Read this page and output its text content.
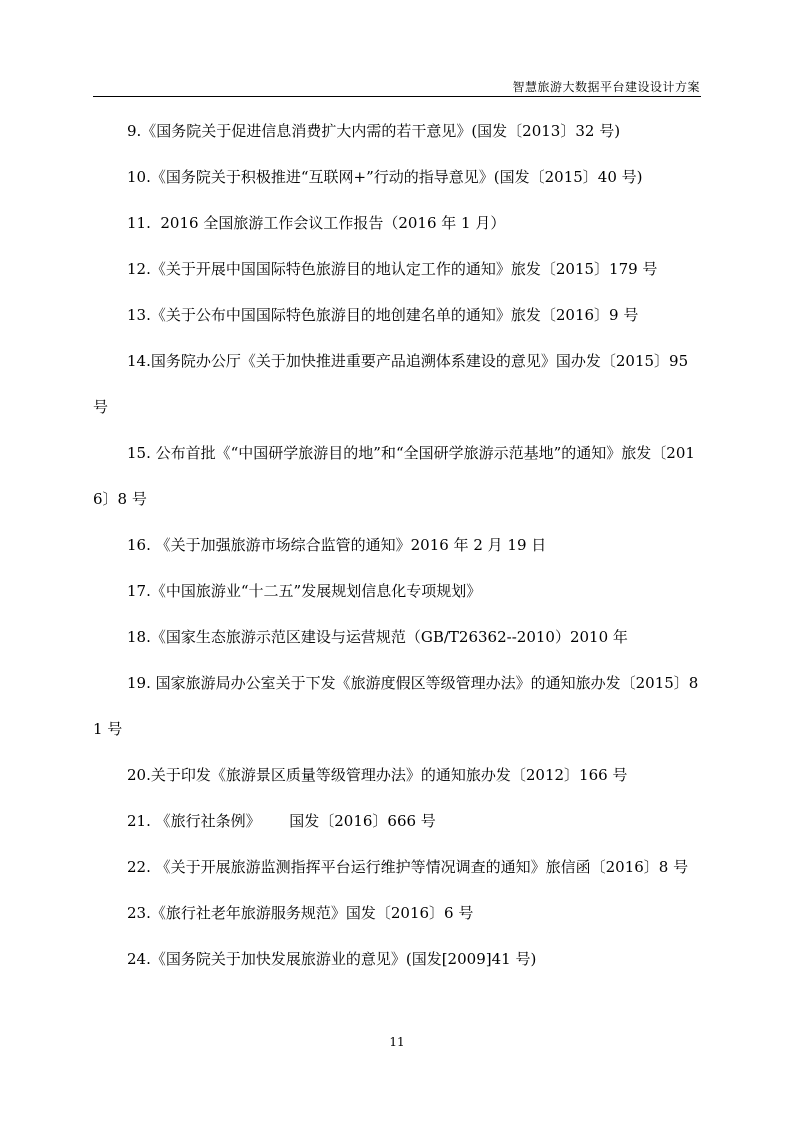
智慧旅游大数据平台建设设计方案
9.《国务院关于促进信息消费扩大内需的若干意见》(国发〔2013〕32 号)
10.《国务院关于积极推进“互联网+”行动的指导意见》(国发〔2015〕40 号)
11.  2016 全国旅游工作会议工作报告（2016 年 1 月）
12.《关于开展中国国际特色旅游目的地认定工作的通知》旅发〔2015〕179 号
13.《关于公布中国国际特色旅游目的地创建名单的通知》旅发〔2016〕9 号
14.国务院办公厅《关于加快推进重要产品追溯体系建设的意见》国办发〔2015〕95 号
15. 公布首批《“中国研学旅游目的地”和“全国研学旅游示范基地”的通知》旅发〔2016〕8 号
16. 《关于加强旅游市场综合监管的通知》2016 年 2 月 19 日
17.《中国旅游业“十二五”发展规划信息化专项规划》
18.《国家生态旅游示范区建设与运营规范（GB/T26362--2010）2010 年
19. 国家旅游局办公室关于下发《旅游度假区等级管理办法》的通知旅办发〔2015〕81 号
20.关于印发《旅游景区质量等级管理办法》的通知旅办发〔2012〕166 号
21. 《旅行社条例》      国发〔2016〕666 号
22. 《关于开展旅游监测指挥平台运行维护等情况调查的通知》旅信函〔2016〕8 号
23.《旅行社老年旅游服务规范》国发〔2016〕6 号
24.《国务院关于加快发展旅游业的意见》(国发[2009]41 号)
11
